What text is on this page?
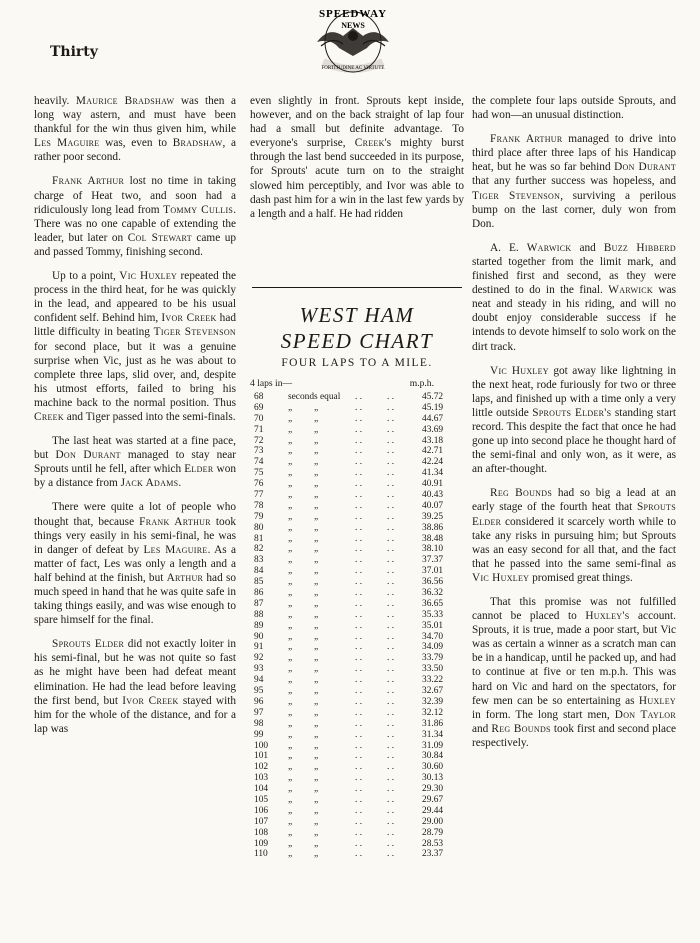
Thirty
SPEEDWAY
NEWS
FORTITUDINE AC VIRTUTE

heavily. Maurice Bradshaw was then a long way astern, and must have been thankful for the win thus given him, while Les Maguire was, even to Bradshaw, a rather poor second.

Frank Arthur lost no time in taking charge of Heat two, and soon had a ridiculously long lead from Tommy Cullis. There was no one capable of extending the leader, but later on Col Stewart came up and passed Tommy, finishing second.

Up to a point, Vic Huxley repeated the process in the third heat, for he was quickly in the lead, and appeared to be his usual confident self. Behind him, Ivor Creek had little difficulty in beating Tiger Stevenson for second place, but it was a genuine surprise when Vic, just as he was about to complete three laps, slid over, and, despite his utmost efforts, failed to bring his machine back to the normal position. Thus Creek and Tiger passed into the semi-finals.

The last heat was started at a fine pace, but Don Durant managed to stay near Sprouts until he fell, after which Elder won by a distance from Jack Adams.

There were quite a lot of people who thought that, because Frank Arthur took things very easily in his semi-final, he was in danger of defeat by Les Maguire. As a matter of fact, Les was only a length and a half behind at the finish, but Arthur had so much speed in hand that he was quite safe in taking things easily, and was wise enough to spare himself for the final.

Sprouts Elder did not exactly loiter in his semi-final, but he was not quite so fast as he might have been had defeat meant elimination. He had the lead before leaving the first bend, but Ivor Creek stayed with him for the whole of the distance, and for a lap was

even slightly in front. Sprouts kept inside, however, and on the back straight of lap four had a small but definite advantage. To everyone's surprise, Creek's mighty burst through the last bend succeeded in its purpose, for Sprouts' acute turn on to the straight slowed him perceptibly, and Ivor was able to dash past him for a win in the last few yards by a length and a half. He had ridden

WEST HAM
SPEED CHART
FOUR LAPS TO A MILE.
4 laps in—	m.p.h.
68	seconds equal . .	. .	45.72
69	„ „	. .	. .	45.19
70	„ „	. .	. .	44.67
71	„ „	. .	. .	43.69
72	„ „	. .	. .	43.18
73	„ „	. .	. .	42.71
74	„ „	. .	. .	42.24
75	„ „	. .	. .	41.34
76	„ „	. .	. .	40.91
77	„ „	. .	. .	40.43
78	„ „	. .	. .	40.07
79	„ „	. .	. .	39.25
80	„ „	. .	. .	38.86
81	„ „	. .	. .	38.48
82	„ „	. .	. .	38.10
83	„ „	. .	. .	37.37
84	„ „	. .	. .	37.01
85	„ „	. .	. .	36.56
86	„ „	. .	. .	36.32
87	„ „	. .	. .	36.65
88	„ „	. .	. .	35.33
89	„ „	. .	. .	35.01
90	„ „	. .	. .	34.70
91	„ „	. .	. .	34.09
92	„ „	. .	. .	33.79
93	„ „	. .	. .	33.50
94	„ „	. .	. .	33.22
95	„ „	. .	. .	32.67
96	„ „	. .	. .	32.39
97	„ „	. .	. .	32.12
98	„ „	. .	. .	31.86
99	„ „	. .	. .	31.34
100 „ „	. .	. .	31.09
101 „ „	. .	. .	30.84
102 „ „	. .	. .	30.60
103 „ „	. .	. .	30.13
104 „ „	. .	. .	29.30
105 „ „	. .	. .	29.67
106 „ „	. .	. .	29.44
107 „ „	. .	. .	29.00
108 „ „	. .	. .	28.79
109 „ „	. .	. .	28.53
110 „ „	. .	. .	23.37

the complete four laps outside Sprouts, and had won—an unusual distinction.

Frank Arthur managed to drive into third place after three laps of his Handicap heat, but he was so far behind Don Durant that any further success was hopeless, and Tiger Stevenson, surviving a perilous bump on the last corner, duly won from Don.

A. E. Warwick and Buzz Hibberd started together from the limit mark, and finished first and second, as they were destined to do in the final. Warwick was neat and steady in his riding, and will no doubt enjoy considerable success if he intends to devote himself to solo work on the dirt track.

Vic Huxley got away like lightning in the next heat, rode furiously for two or three laps, and finished up with a time only a very little outside Sprouts Elder's standing start record. This despite the fact that once he had gone up into second place he thought hard of the semi-final and only won, as it were, as an after-thought.

Reg Bounds had so big a lead at an early stage of the fourth heat that Sprouts Elder considered it scarcely worth while to take any risks in pursuing him; but Sprouts was an easy second for all that, and the fact that he passed into the same semi-final as Vic Huxley promised great things.

That this promise was not fulfilled cannot be placed to Huxley's account. Sprouts, it is true, made a poor start, but Vic was as certain a winner as a scratch man can be in a handicap, until he packed up, and had to continue at five or ten m.p.h. This was hard on Vic and hard on the spectators, for few men can be so entertaining as Huxley in form. The long start men, Don Taylor and Reg Bounds took first and second place respectively.
